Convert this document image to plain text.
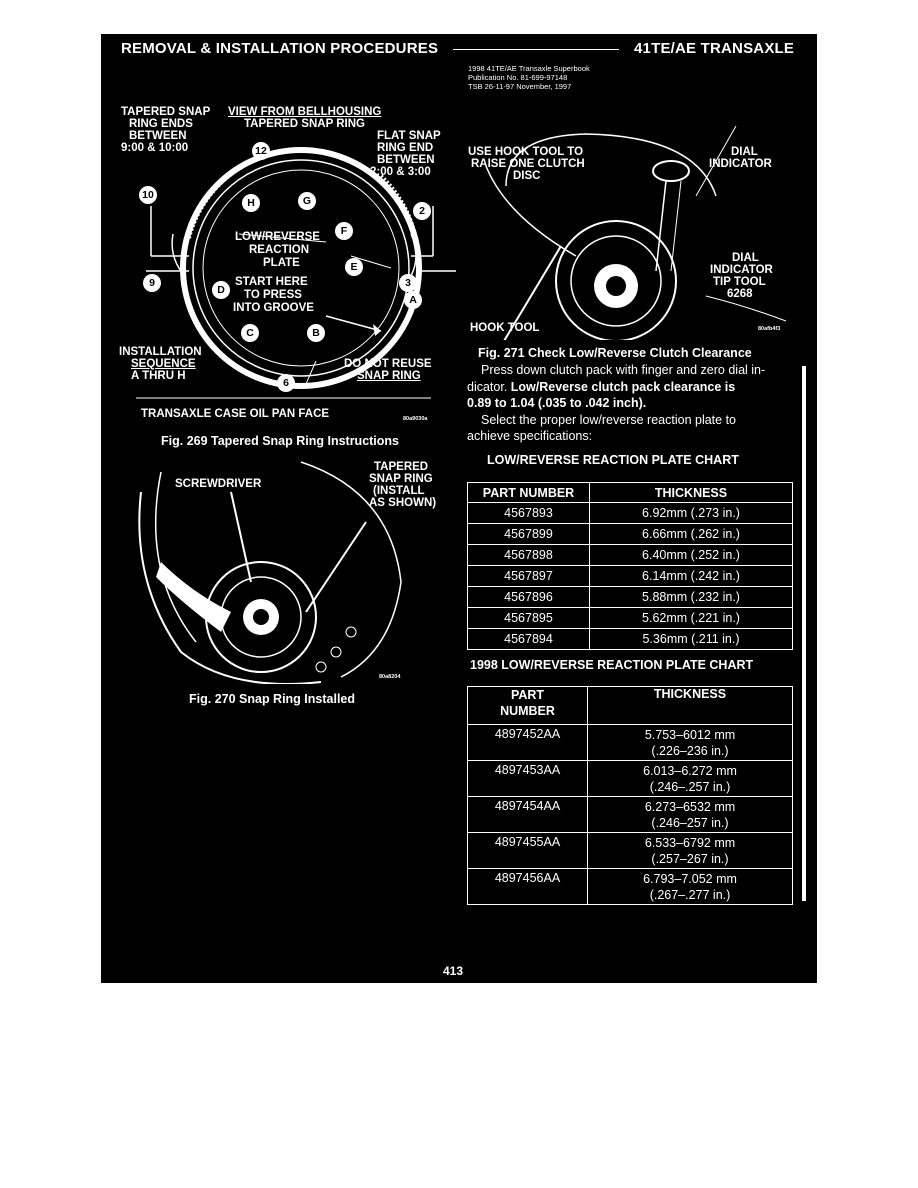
REMOVAL & INSTALLATION PROCEDURES	41TE/AE TRANSAXLE
1998 41TE/AE Transaxle Superbook
Publication No. 81-699-97148
TSB 26-11-97 November, 1997
TAPERED SNAP
RING ENDS
BETWEEN
9:00 & 10:00
VIEW FROM BELLHOUSING
TAPERED SNAP RING
FLAT SNAP
RING END
BETWEEN
2:00 & 3:00
LOW/REVERSE
REACTION
PLATE
START HERE
TO PRESS
INTO GROOVE
INSTALLATION
SEQUENCE
A THRU H
DO NOT REUSE
SNAP RING
TRANSAXLE CASE OIL PAN FACE	80a9030a
12
10
9
6
3
2
A
B
C
D
E
F
G
H
Fig. 269 Tapered Snap Ring Instructions
SCREWDRIVER
TAPERED
SNAP RING
(INSTALL
AS SHOWN)
80a8204
Fig. 270 Snap Ring Installed
USE HOOK TOOL TO
RAISE ONE CLUTCH
DISC
DIAL
INDICATOR
DIAL
INDICATOR
TIP TOOL
6268
HOOK TOOL	80afb4f3
Fig. 271 Check Low/Reverse Clutch Clearance
Press down clutch pack with finger and zero dial in-
dicator. Low/Reverse clutch pack clearance is
0.89 to 1.04 (.035 to .042 inch).
Select the proper low/reverse reaction plate to
achieve specifications:
LOW/REVERSE REACTION PLATE CHART
PART NUMBER	THICKNESS
4567893	6.92mm (.273 in.)
4567899	6.66mm (.262 in.)
4567898	6.40mm (.252 in.)
4567897	6.14mm (.242 in.)
4567896	5.88mm (.232 in.)
4567895	5.62mm (.221 in.)
4567894	5.36mm (.211 in.)
1998 LOW/REVERSE REACTION PLATE CHART
PART
NUMBER	THICKNESS
4897452AA	5.753–6012 mm
(.226–236 in.)

4897453AA	6.013–6.272 mm
(.246–.257 in.)

4897454AA	6.273–6532 mm
(.246–257 in.)

4897455AA	6.533–6792 mm
(.257–267 in.)

4897456AA	6.793–7.052 mm
(.267–.277 in.)
413
